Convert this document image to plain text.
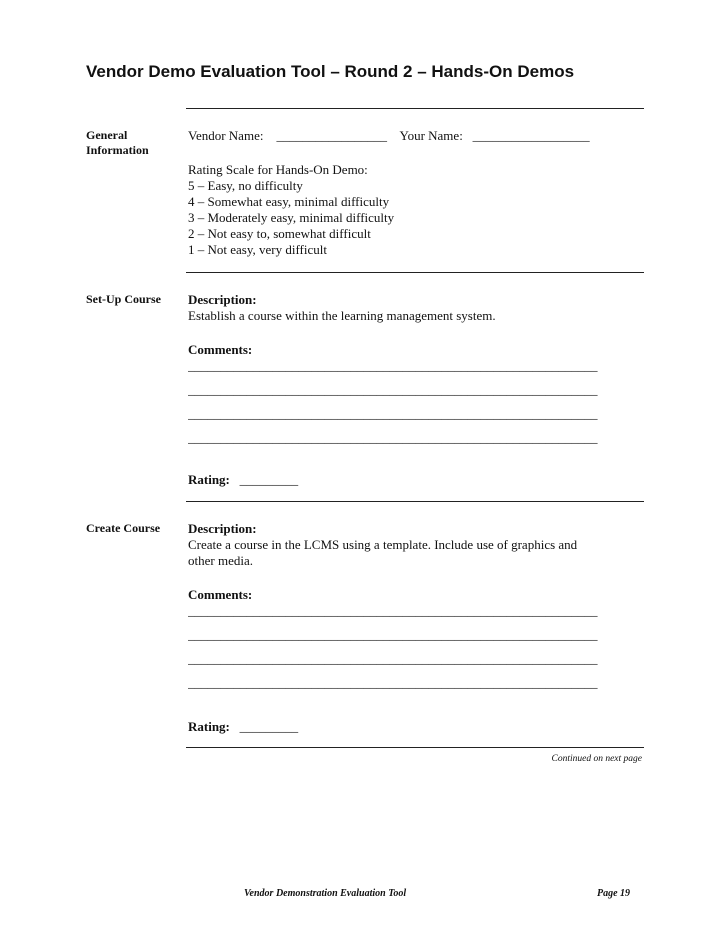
Vendor Demo Evaluation Tool – Round 2 – Hands-On Demos
General Information
Vendor Name: _________________ Your Name: __________________
Rating Scale for Hands-On Demo:
5 – Easy, no difficulty
4 – Somewhat easy, minimal difficulty
3 – Moderately easy, minimal difficulty
2 – Not easy to, somewhat difficult
1 – Not easy, very difficult
Set-Up Course	Description:
Establish a course within the learning management system.
Comments:
_______________________________________________________________
_______________________________________________________________
_______________________________________________________________
_______________________________________________________________
Rating: _________
Create Course	Description:
Create a course in the LCMS using a template. Include use of graphics and
other media.
Comments:
_______________________________________________________________
_______________________________________________________________
_______________________________________________________________
_______________________________________________________________
Rating: _________
Continued on next page
Vendor Demonstration Evaluation Tool	Page 19
